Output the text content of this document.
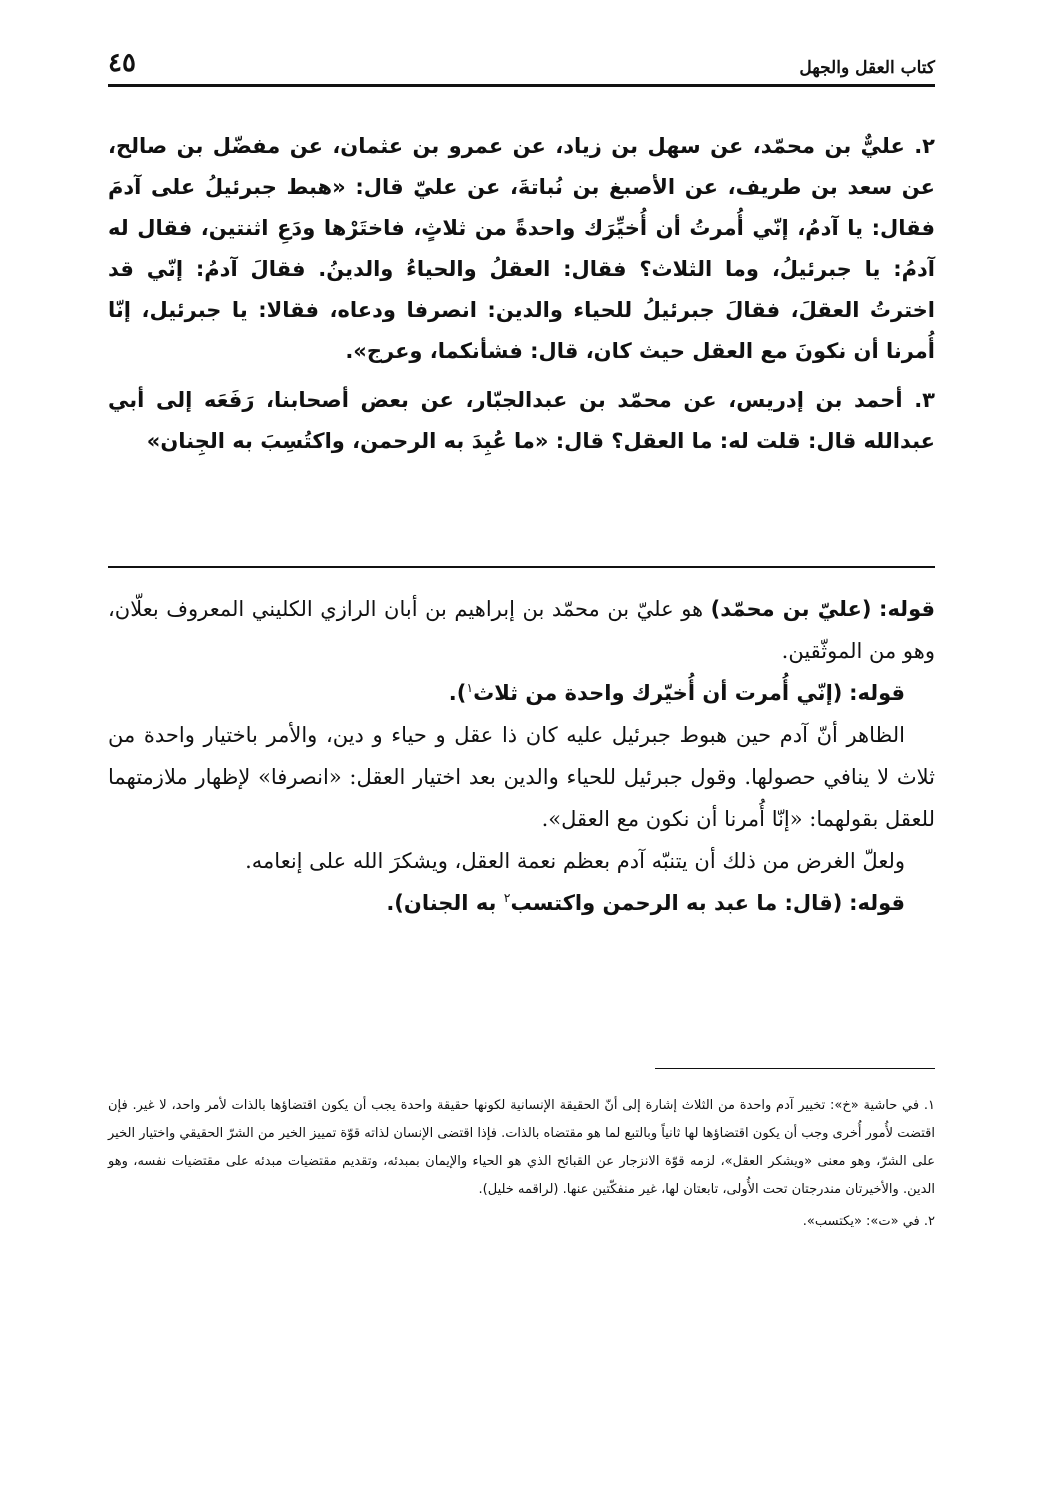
كتاب العقل والجهل
٤٥

٢. عليٌّ بن محمّد، عن سهل بن زياد، عن عمرو بن عثمان، عن مفضّل بن صالح، عن سعد بن طريف، عن الأصبغ بن نُباتةَ، عن عليّ قال: «هبط جبرئيلُ على آدمَ فقال: يا آدمُ، إنّي أُمرتُ أن أُخيِّرَك واحدةً من ثلاثٍ، فاختَرْها ودَعِ اثنتين، فقال له آدمُ: يا جبرئيلُ، وما الثلاث؟ فقال: العقلُ والحياءُ والدينُ. فقالَ آدمُ: إنّي قد اخترتُ العقلَ، فقالَ جبرئيلُ للحياء والدين: انصرفا ودعاه، فقالا: يا جبرئيل، إنّا أُمرنا أن نكونَ مع العقل حيث كان، قال: فشأنكما، وعرج».

٣. أحمد بن إدريس، عن محمّد بن عبدالجبّار، عن بعض أصحابنا، رَفَعَه إلى أبي عبدالله قال: قلت له: ما العقل؟ قال: «ما عُبِدَ به الرحمن، واكتُسِبَ به الجِنان»

قوله: (عليّ بن محمّد) هو عليّ بن محمّد بن إبراهيم بن أبان الرازي الكليني المعروف بعلّان، وهو من الموثّقين.

قوله: (إنّي أُمرت أن أُخيّرك واحدة من ثلاث$^١$).

الظاهر أنّ آدم حين هبوط جبرئيل عليه كان ذا عقل و حياء و دين، والأمر باختيار واحدة من ثلاث لا ينافي حصولها. وقول جبرئيل للحياء والدين بعد اختيار العقل: «انصرفا» لإظهار ملازمتهما للعقل بقولهما: «إنّا أُمرنا أن نكون مع العقل».

ولعلّ الغرض من ذلك أن يتنبّه آدم بعظم نعمة العقل، ويشكرَ الله على إنعامه.

قوله: (قال: ما عبد به الرحمن واكتسب$^٢$ به الجنان).

١. في حاشية «خ»: تخيير آدم واحدة من الثلاث إشارة إلى أنّ الحقيقة الإنسانية لكونها حقيقة واحدة يجب أن يكون اقتضاؤها بالذات لأمر واحد، لا غير. فإن اقتضت لأُمور أُخرى وجب أن يكون اقتضاؤها لها ثانياً وبالتبع لما هو مقتضاه بالذات. فإذا اقتضى الإنسان لذاته قوّة تمييز الخير من الشرّ الحقيقي واختيار الخير على الشرّ، وهو معنى «ويشكر العقل»، لزمه قوّة الانزجار عن القبائح الذي هو الحياء والإيمان بمبدئه، وتقديم مقتضيات مبدئه على مقتضيات نفسه، وهو الدين. والأخيرتان مندرجتان تحت الأُولى، تابعتان لها، غير منفكّتين عنها. (لراقمه خليل).

٢. في «ت»: «يكتسب».
